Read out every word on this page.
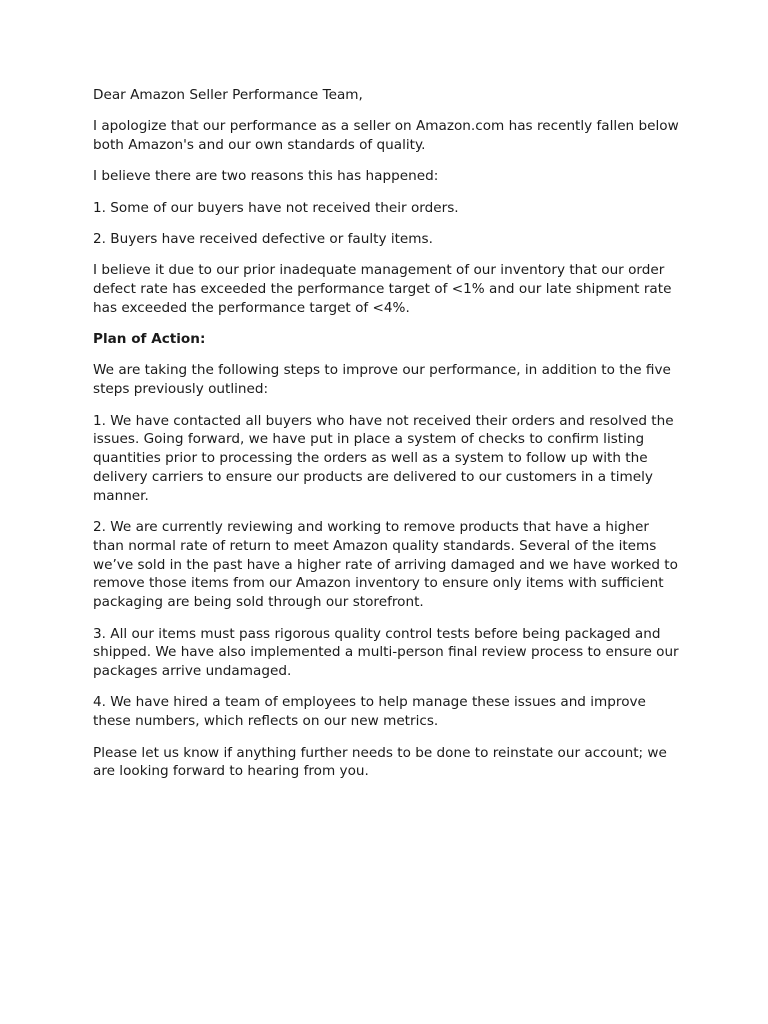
Dear Amazon Seller Performance Team,

I apologize that our performance as a seller on Amazon.com has recently fallen below both Amazon's and our own standards of quality.

I believe there are two reasons this has happened:

1. Some of our buyers have not received their orders.

2. Buyers have received defective or faulty items.

I believe it due to our prior inadequate management of our inventory that our order defect rate has exceeded the performance target of <1% and our late shipment rate has exceeded the performance target of <4%.

Plan of Action:

We are taking the following steps to improve our performance, in addition to the five steps previously outlined:

1. We have contacted all buyers who have not received their orders and resolved the issues. Going forward, we have put in place a system of checks to confirm listing quantities prior to processing the orders as well as a system to follow up with the delivery carriers to ensure our products are delivered to our customers in a timely manner.

2. We are currently reviewing and working to remove products that have a higher than normal rate of return to meet Amazon quality standards. Several of the items we’ve sold in the past have a higher rate of arriving damaged and we have worked to remove those items from our Amazon inventory to ensure only items with sufficient packaging are being sold through our storefront.

3. All our items must pass rigorous quality control tests before being packaged and shipped. We have also implemented a multi-person final review process to ensure our packages arrive undamaged.

4. We have hired a team of employees to help manage these issues and improve these numbers, which reflects on our new metrics.

Please let us know if anything further needs to be done to reinstate our account; we are looking forward to hearing from you.
